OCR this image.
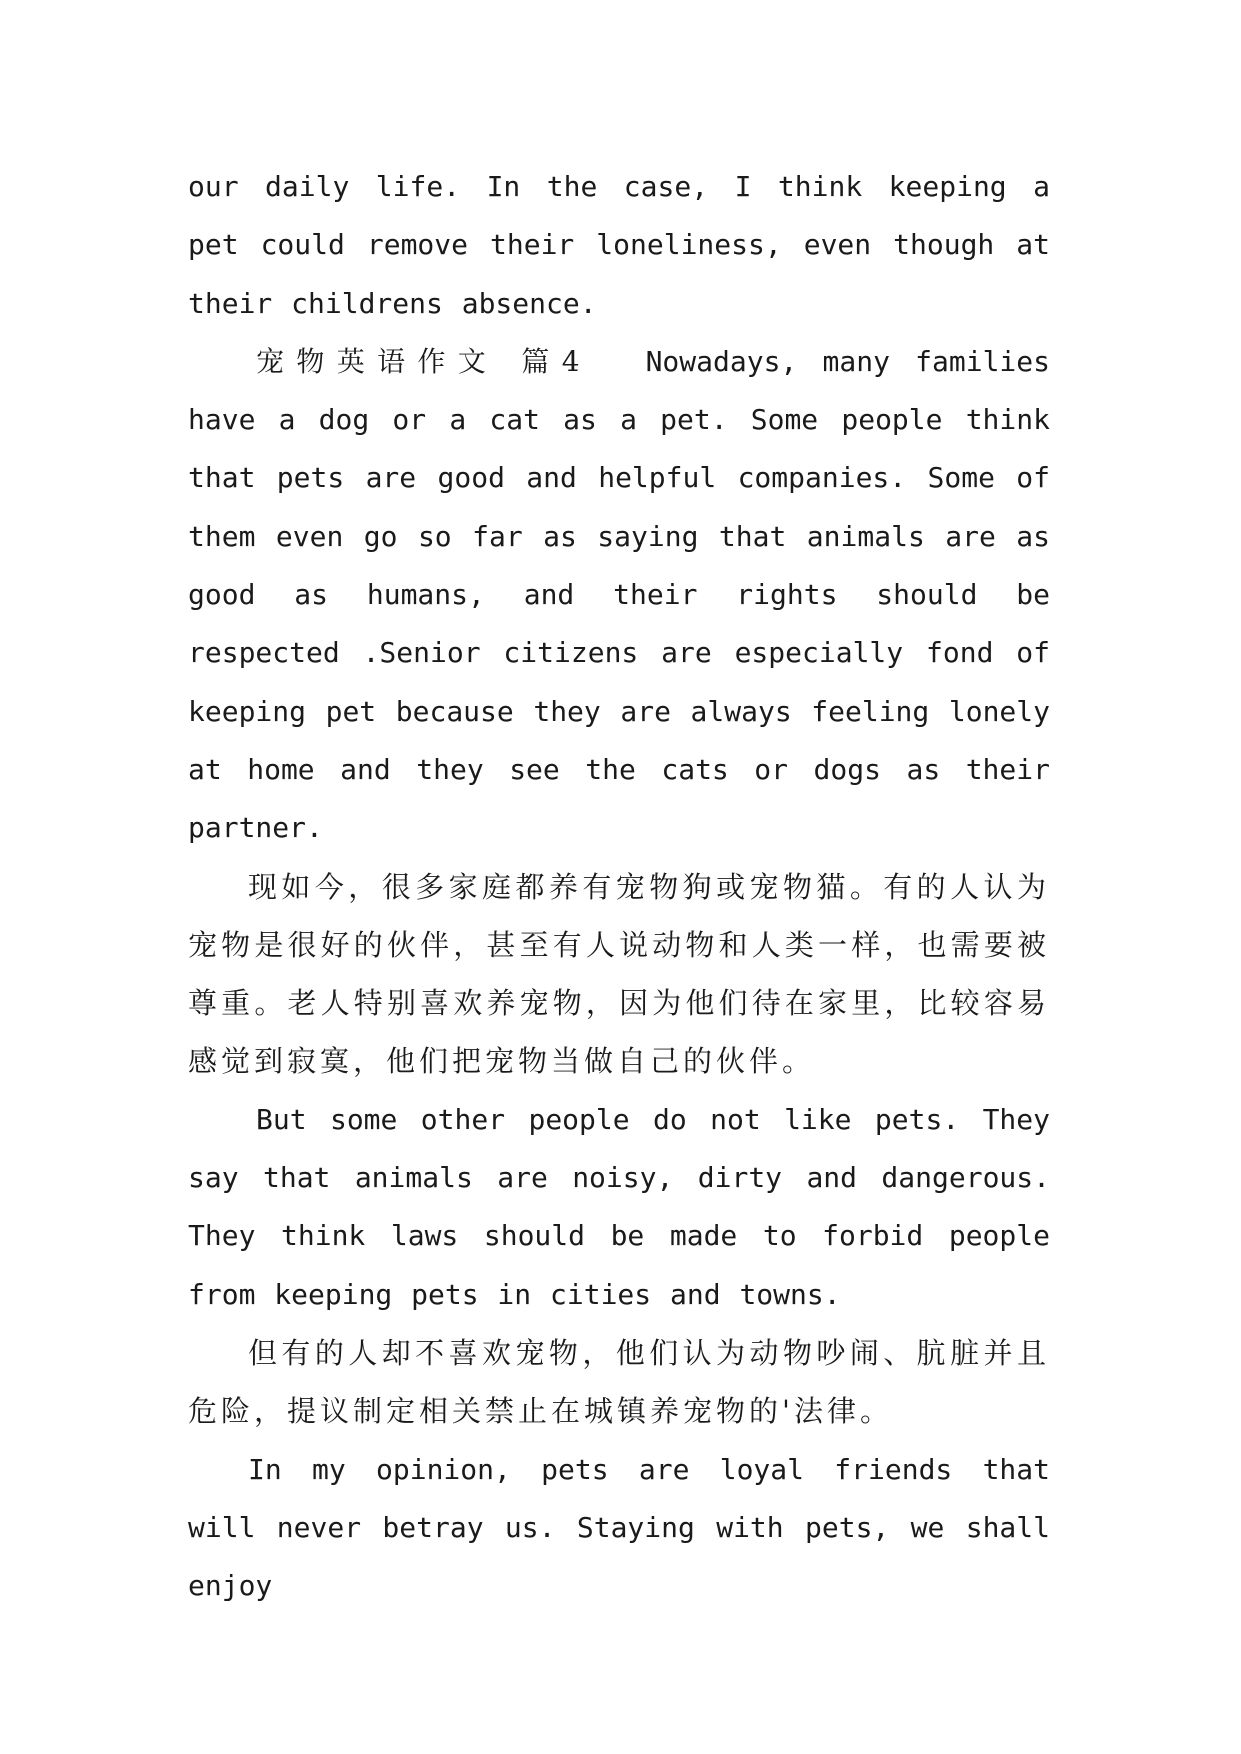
our daily life. In the case, I think keeping a pet could remove their loneliness, even though at their childrens absence.

宠物英语作文 篇4 Nowadays, many families have a dog or a cat as a pet. Some people think that pets are good and helpful companies. Some of them even go so far as saying that animals are as good as humans, and their rights should be respected .Senior citizens are especially fond of keeping pet because they are always feeling lonely at home and they see the cats or dogs as their partner.

现如今，很多家庭都养有宠物狗或宠物猫。有的人认为宠物是很好的伙伴，甚至有人说动物和人类一样，也需要被尊重。老人特别喜欢养宠物，因为他们待在家里，比较容易感觉到寂寞，他们把宠物当做自己的伙伴。

But some other people do not like pets. They say that animals are noisy, dirty and dangerous. They think laws should be made to forbid people from keeping pets in cities and towns.

但有的人却不喜欢宠物，他们认为动物吵闹、肮脏并且危险，提议制定相关禁止在城镇养宠物的'法律。

In my opinion, pets are loyal friends that will never betray us. Staying with pets, we shall enjoy
